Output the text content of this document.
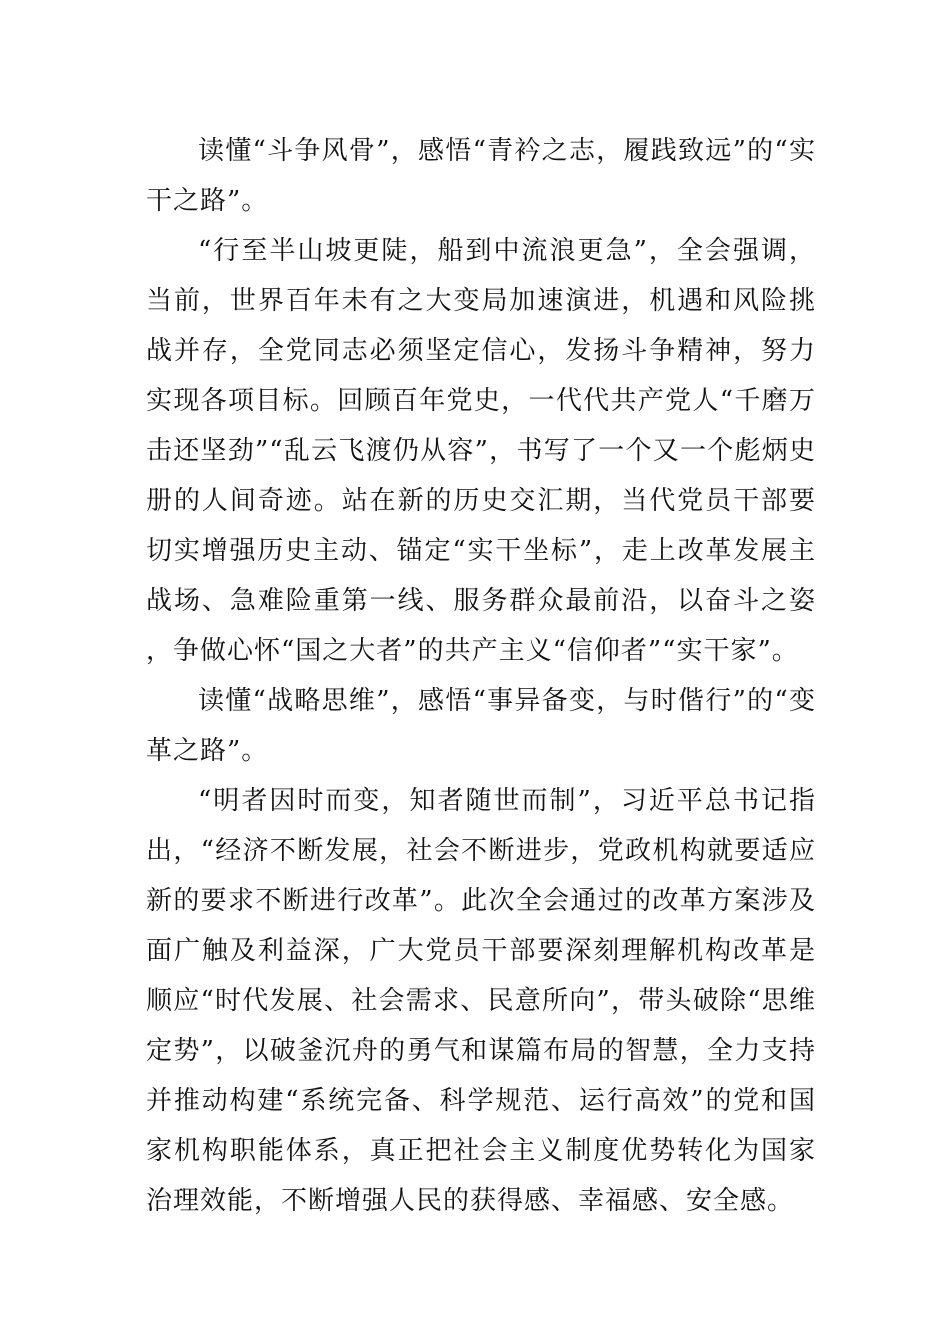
读懂“斗争风骨”，感悟“青衿之志，履践致远”的“实干之路”。

“行至半山坡更陡，船到中流浪更急”，全会强调，当前，世界百年未有之大变局加速演进，机遇和风险挑战并存，全党同志必须坚定信心，发扬斗争精神，努力实现各项目标。回顾百年党史，一代代共产党人“千磨万击还坚劲”“乱云飞渡仍从容”，书写了一个又一个彪炳史册的人间奇迹。站在新的历史交汇期，当代党员干部要切实增强历史主动、锚定“实干坐标”，走上改革发展主战场、急难险重第一线、服务群众最前沿，以奋斗之姿，争做心怀“国之大者”的共产主义“信仰者”“实干家”。

读懂“战略思维”，感悟“事异备变，与时偕行”的“变革之路”。

“明者因时而变，知者随世而制”，习近平总书记指出，“经济不断发展，社会不断进步，党政机构就要适应新的要求不断进行改革”。此次全会通过的改革方案涉及面广触及利益深，广大党员干部要深刻理解机构改革是顺应“时代发展、社会需求、民意所向”，带头破除“思维定势”，以破釜沉舟的勇气和谋篇布局的智慧，全力支持并推动构建“系统完备、科学规范、运行高效”的党和国家机构职能体系，真正把社会主义制度优势转化为国家治理效能，不断增强人民的获得感、幸福感、安全感。
